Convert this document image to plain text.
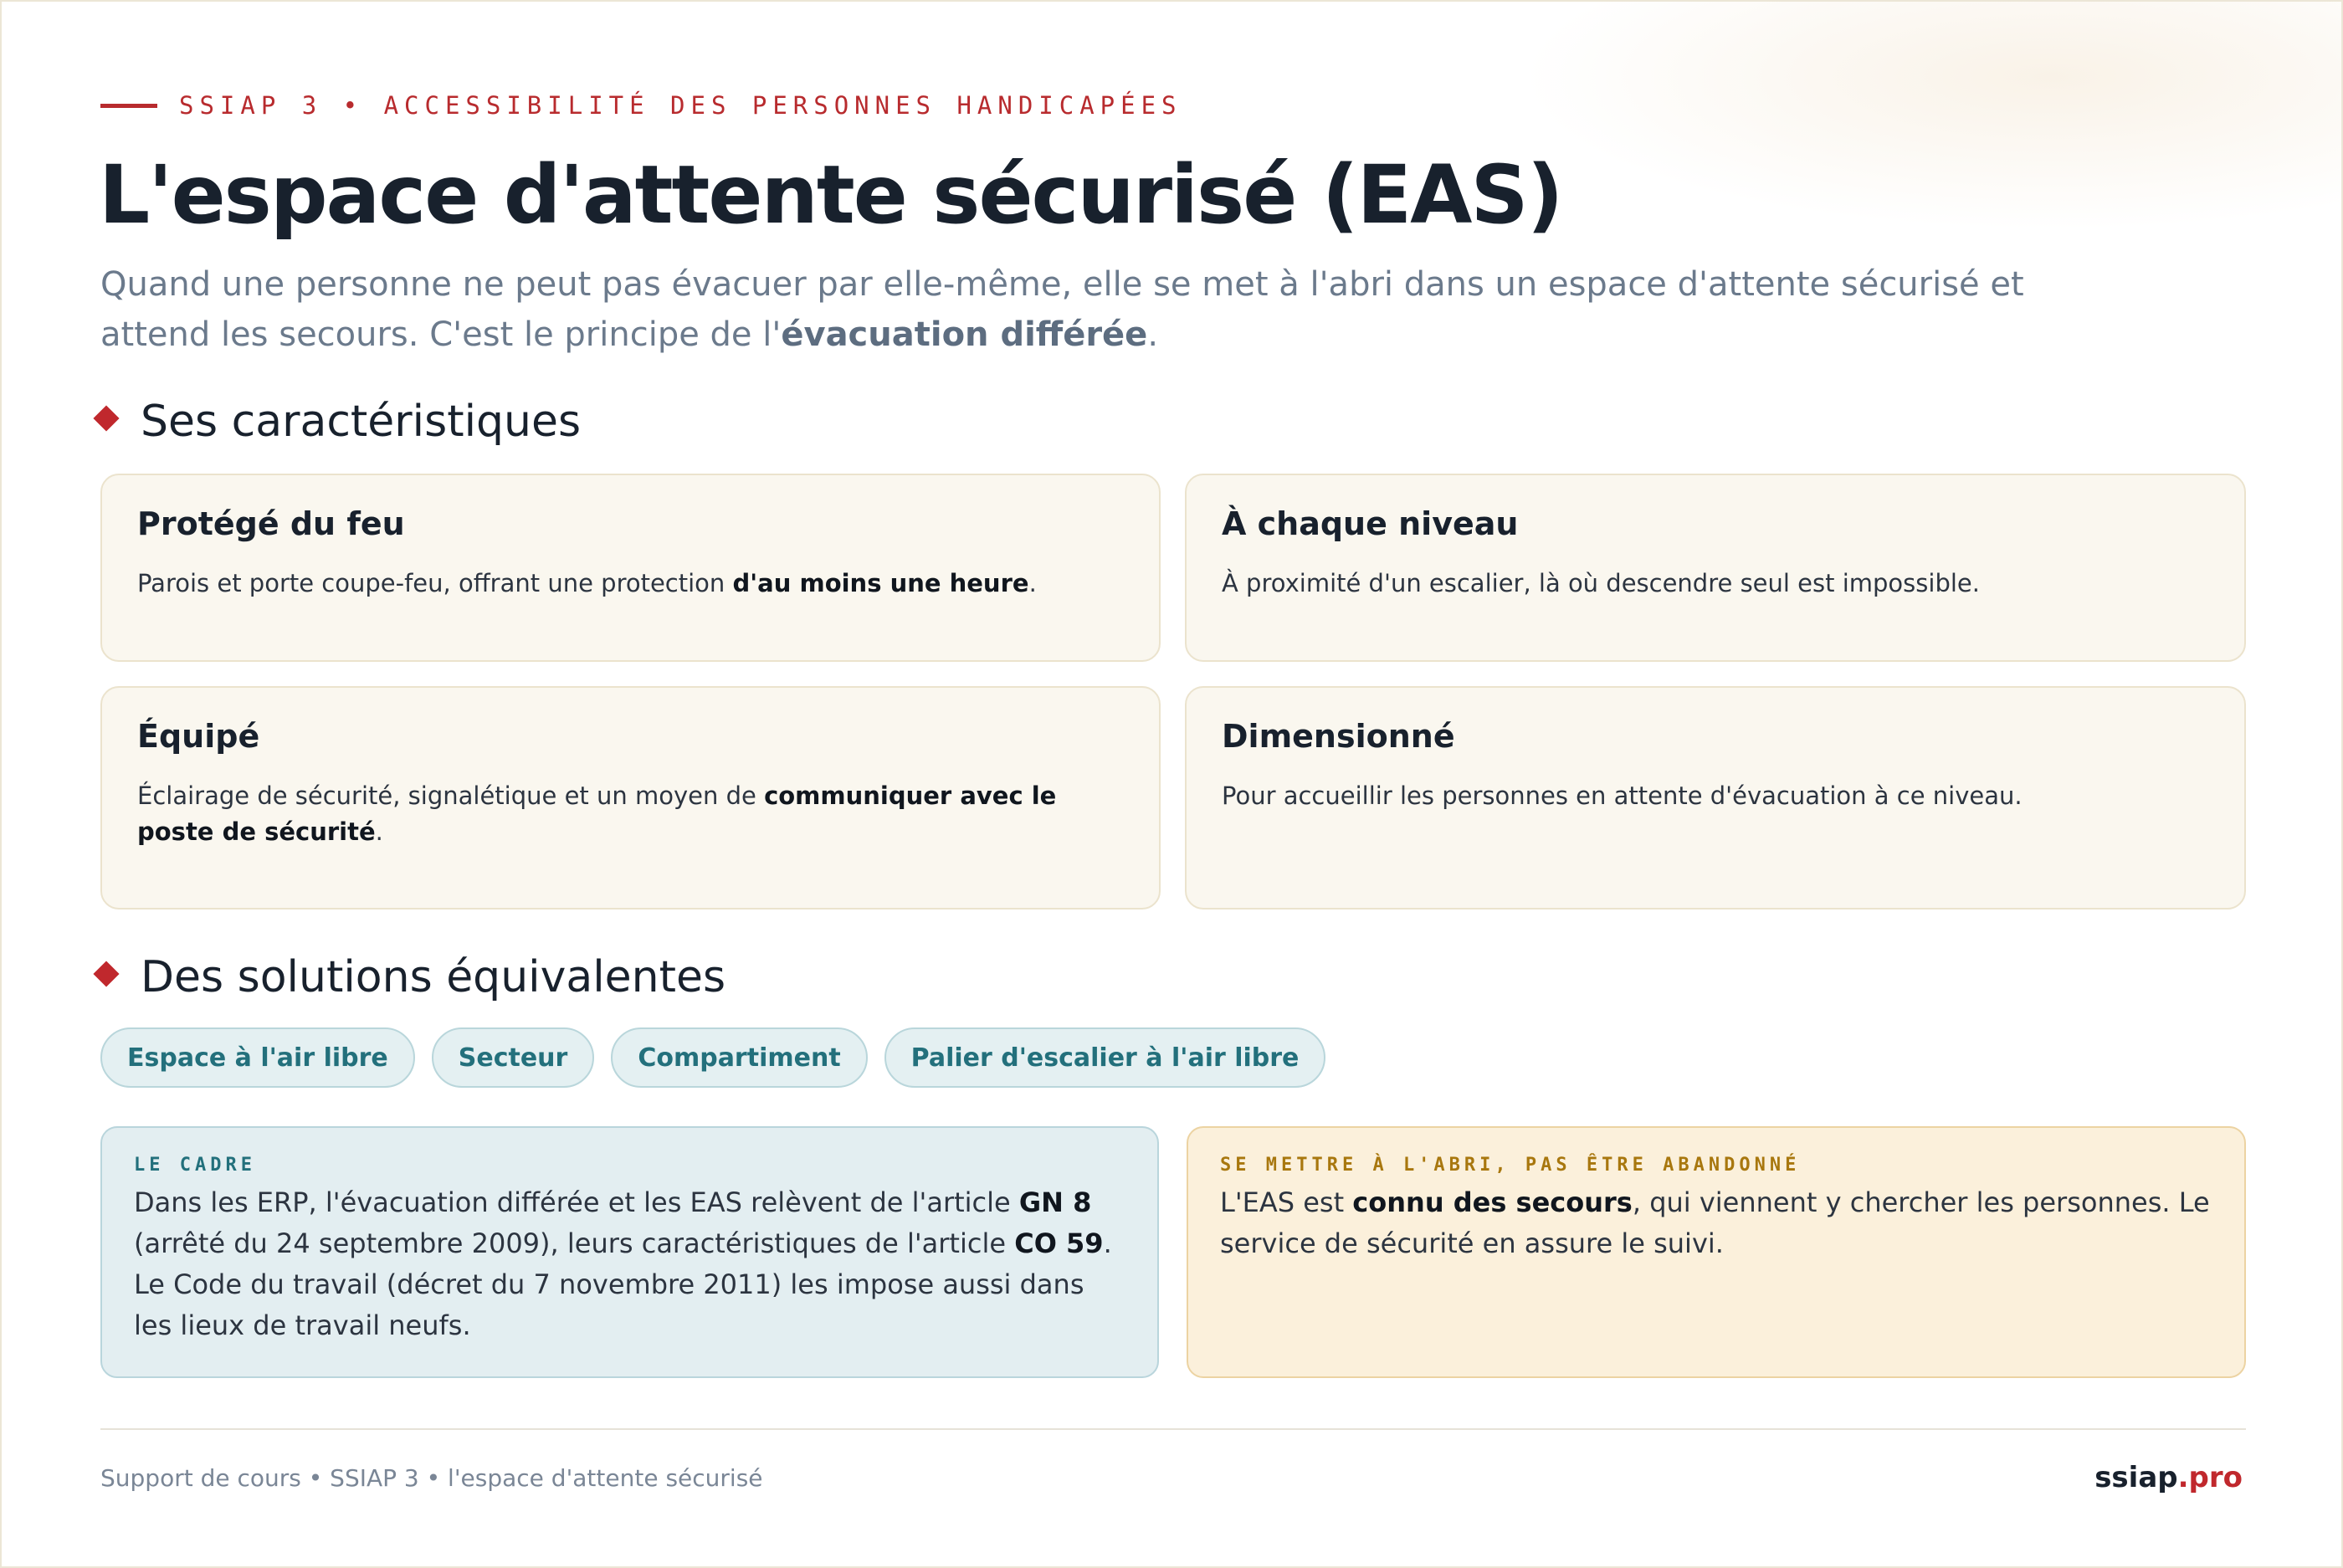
SSIAP 3 • ACCESSIBILITÉ DES PERSONNES HANDICAPÉES
L'espace d'attente sécurisé (EAS)

Quand une personne ne peut pas évacuer par elle-même, elle se met à l'abri dans un espace d'attente sécurisé et attend les secours. C'est le principe de l'évacuation différée.

Ses caractéristiques
Protégé du feu

Parois et porte coupe-feu, offrant une protection d'au moins une heure.

À chaque niveau

À proximité d'un escalier, là où descendre seul est impossible.

Équipé

Éclairage de sécurité, signalétique et un moyen de communiquer avec le poste de sécurité.

Dimensionné

Pour accueillir les personnes en attente d'évacuation à ce niveau.

Des solutions équivalentes
Espace à l'air libre	Secteur	Compartiment	Palier d'escalier à l'air libre
LE CADRE

Dans les ERP, l'évacuation différée et les EAS relèvent de l'article GN 8 (arrêté du 24 septembre 2009), leurs caractéristiques de l'article CO 59. Le Code du travail (décret du 7 novembre 2011) les impose aussi dans les lieux de travail neufs.

SE METTRE À L'ABRI, PAS ÊTRE ABANDONNÉ

L'EAS est connu des secours, qui viennent y chercher les personnes. Le service de sécurité en assure le suivi.

Support de cours • SSIAP 3 • l'espace d'attente sécurisé	ssiap.pro
